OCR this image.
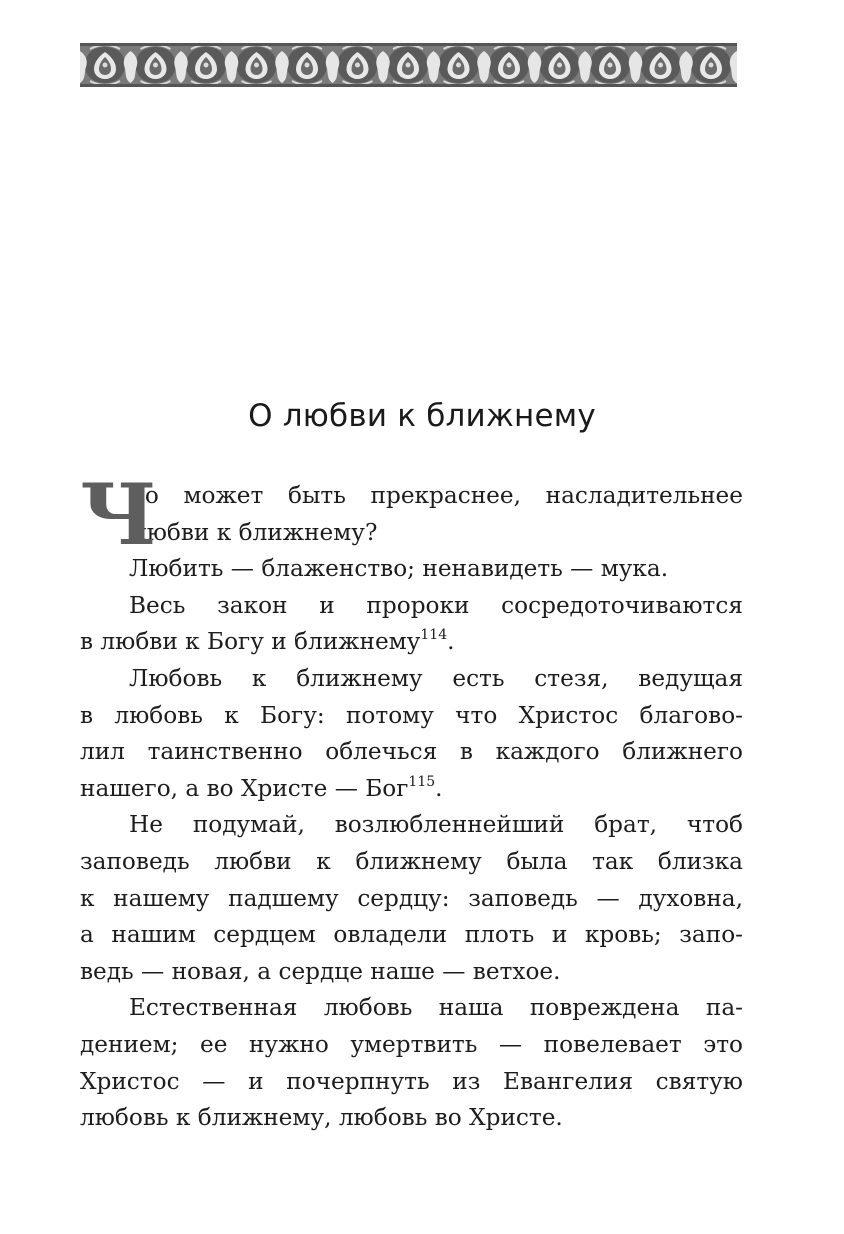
О любви к ближнему
Ч
то может быть прекраснее, насладительнее
любви к ближнему?
Любить — блаженство; ненавидеть — мука.
Весь закон и пророки сосредоточиваются
в любви к Богу и ближнему$^{114}$.
Любовь к ближнему есть стезя, ведущая
в любовь к Богу: потому что Христос благово-
лил таинственно облечься в каждого ближнего
нашего, а во Христе — Бог$^{115}$.
Не подумай, возлюбленнейший брат, чтоб
заповедь любви к ближнему была так близка
к нашему падшему сердцу: заповедь — духовна,
а нашим сердцем овладели плоть и кровь; запо-
ведь — новая, а сердце наше — ветхое.
Естественная любовь наша повреждена па-
дением; ее нужно умертвить — повелевает это
Христос — и почерпнуть из Евангелия святую
любовь к ближнему, любовь во Христе.
